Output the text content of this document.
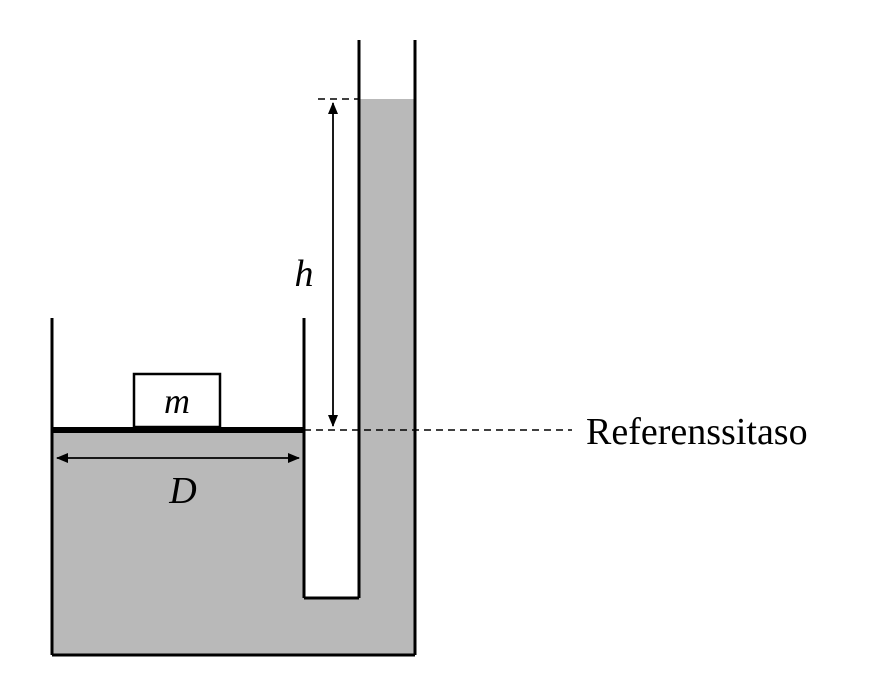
m
Referenssitaso
h
D
